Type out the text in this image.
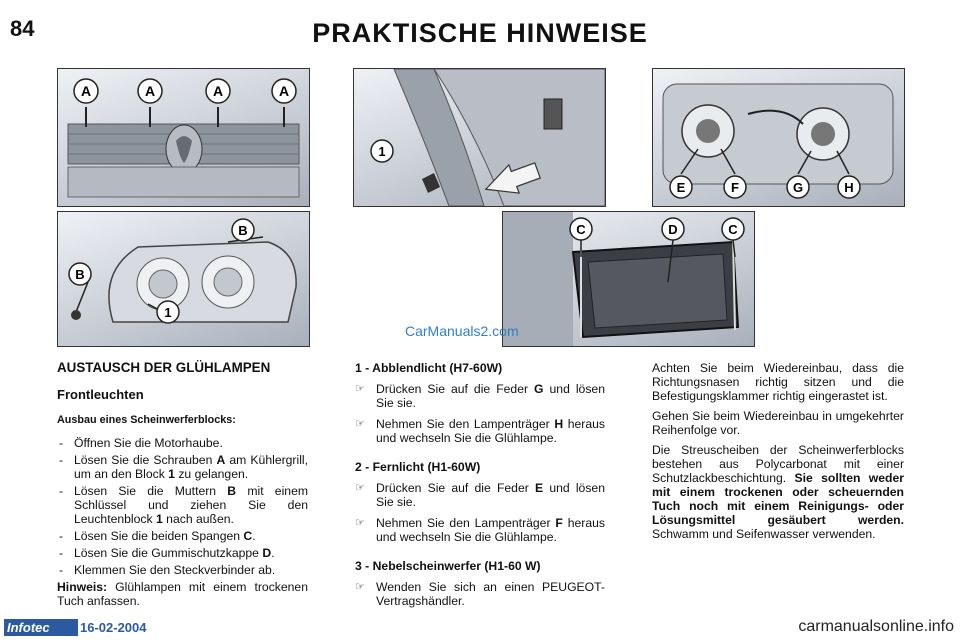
84	PRAKTISCHE HINWEISE
A	A	A	A
B
B
1
1
E	F	G	H
C	D	C
CarManuals2.com

AUSTAUSCH DER GLÜHLAMPEN

Frontleuchten

Ausbau eines Scheinwerferblocks:

- Öffnen Sie die Motorhaube.
- Lösen Sie die Schrauben A am Kühlergrill, um an den Block 1 zu gelangen.
- Lösen Sie die Muttern B mit einem Schlüssel und ziehen Sie den Leuchtenblock 1 nach außen.
- Lösen Sie die beiden Spangen C.
- Lösen Sie die Gummischutzkappe D.
- Klemmen Sie den Steckverbinder ab.

Hinweis: Glühlampen mit einem trockenen Tuch anfassen.

1 - Abblendlicht (H7-60W)

☞ Drücken Sie auf die Feder G und lösen Sie sie.
☞ Nehmen Sie den Lampenträger H heraus und wechseln Sie die Glühlampe.

2 - Fernlicht (H1-60W)

☞ Drücken Sie auf die Feder E und lösen Sie sie.
☞ Nehmen Sie den Lampenträger F heraus und wechseln Sie die Glühlampe.

3 - Nebelscheinwerfer (H1-60 W)

☞ Wenden Sie sich an einen PEUGEOT-Vertragshändler.

Achten Sie beim Wiedereinbau, dass die Richtungsnasen richtig sitzen und die Befestigungsklammer richtig eingerastet ist.

Gehen Sie beim Wiedereinbau in umgekehrter Reihenfolge vor.

Die Streuscheiben der Scheinwerferblocks bestehen aus Polycarbonat mit einer Schutzlackbeschichtung. Sie sollten weder mit einem trockenen oder scheuernden Tuch noch mit einem Reinigungs- oder Lösungsmittel gesäubert werden. Schwamm und Seifenwasser verwenden.

Infotec	16-02-2004	carmanualsonline.info
